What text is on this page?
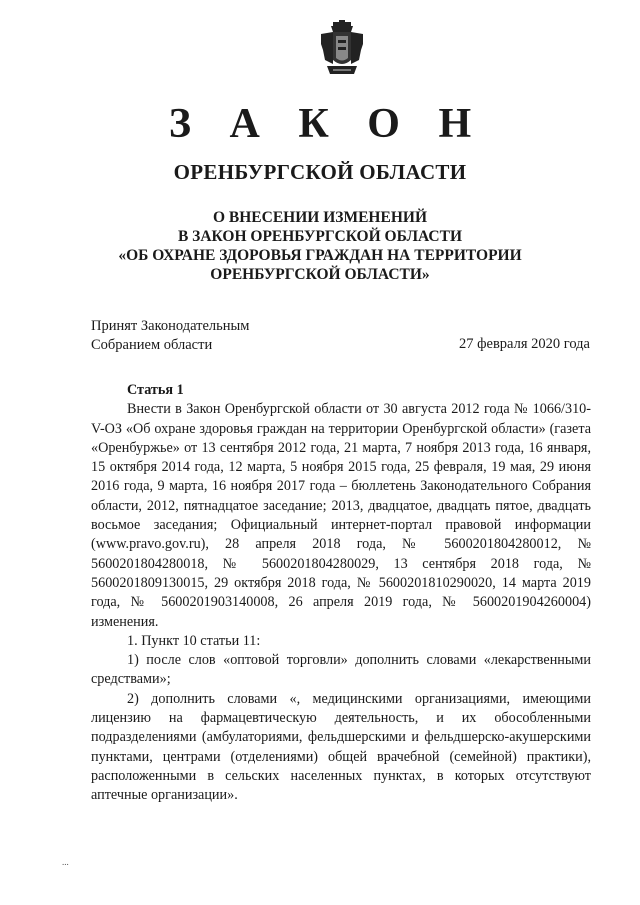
З А К О Н
ОРЕНБУРГСКОЙ ОБЛАСТИ
О ВНЕСЕНИИ ИЗМЕНЕНИЙ
В ЗАКОН ОРЕНБУРГСКОЙ ОБЛАСТИ
«ОБ ОХРАНЕ ЗДОРОВЬЯ ГРАЖДАН НА ТЕРРИТОРИИ
ОРЕНБУРГСКОЙ ОБЛАСТИ»
Принят Законодательным
Собранием области	27 февраля 2020 года

Статья 1

Внести в Закон Оренбургской области от 30 августа 2012 года № 1066/310-V-ОЗ «Об охране здоровья граждан на территории Оренбургской области» (газета «Оренбуржье» от 13 сентября 2012 года, 21 марта, 7 ноября 2013 года, 16 января, 15 октября 2014 года, 12 марта, 5 ноября 2015 года, 25 февраля, 19 мая, 29 июня 2016 года, 9 марта, 16 ноября 2017 года – бюллетень Законодательного Собрания области, 2012, пятнадцатое заседание; 2013, двадцатое, двадцать пятое, двадцать восьмое заседания; Официальный интернет-портал правовой информации (www.pravo.gov.ru), 28 апреля 2018 года, № 5600201804280012, № 5600201804280018, № 5600201804280029, 13 сентября 2018 года, № 5600201809130015, 29 октября 2018 года, № 5600201810290020, 14 марта 2019 года, № 5600201903140008, 26 апреля 2019 года, № 5600201904260004) изменения.

1. Пункт 10 статьи 11:

1) после слов «оптовой торговли» дополнить словами «лекарственными средствами»;

2) дополнить словами «, медицинскими организациями, имеющими лицензию на фармацевтическую деятельность, и их обособленными подразделениями (амбулаториями, фельдшерскими и фельдшерско-акушерскими пунктами, центрами (отделениями) общей врачебной (семейной) практики), расположенными в сельских населенных пунктах, в которых отсутствуют аптечные организации».

...
